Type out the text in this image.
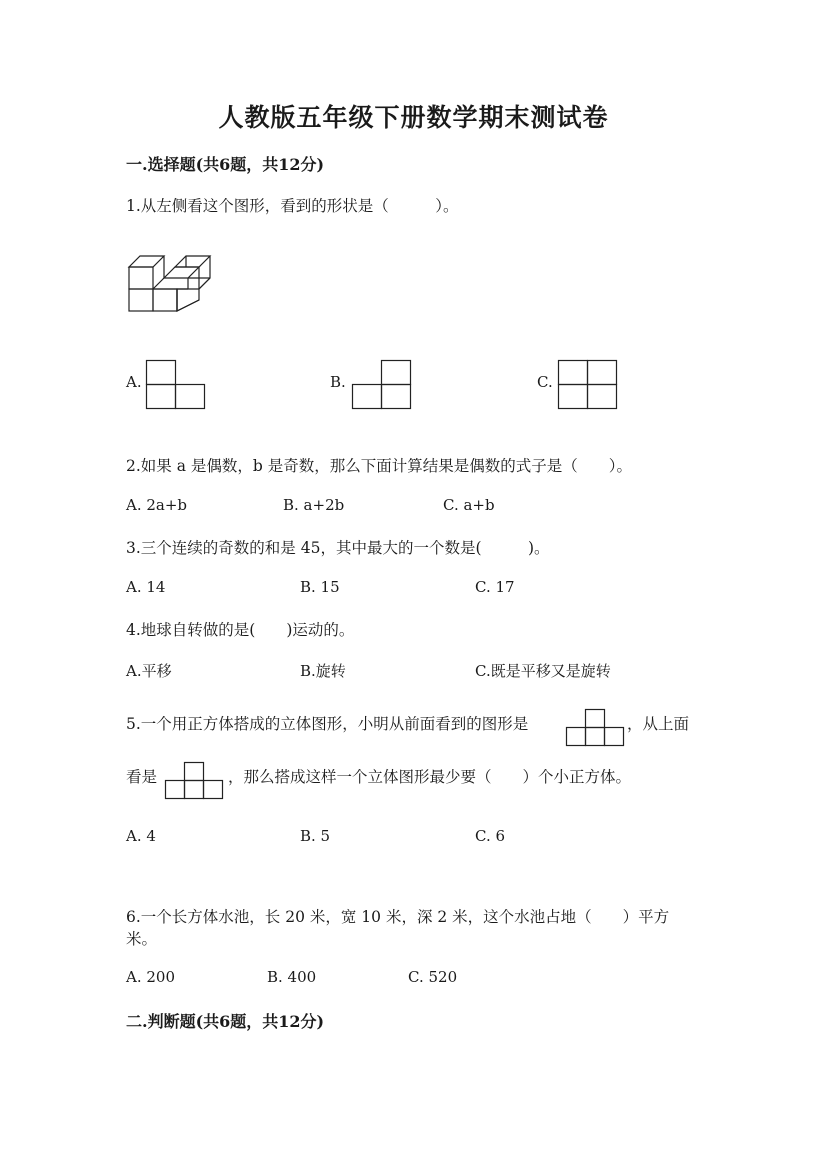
人教版五年级下册数学期末测试卷
一.选择题(共6题，共12分)
1.从左侧看这个图形，看到的形状是（　　　）。
A.	B.	C.
2.如果 a 是偶数，b 是奇数，那么下面计算结果是偶数的式子是（　　）。
A. 2a+b	B. a+2b	C. a+b
3.三个连续的奇数的和是 45，其中最大的一个数是(　　　)。
A. 14	B. 15	C. 17
4.地球自转做的是(　　)运动的。
A.平移	B.旋转	C.既是平移又是旋转
5.一个用正方体搭成的立体图形，小明从前面看到的图形是	，从上面
看是	，那么搭成这样一个立体图形最少要（　　）个小正方体。
A. 4	B. 5	C. 6
6.一个长方体水池，长 20 米，宽 10 米，深 2 米，这个水池占地（　　）平方
米。
A. 200	B. 400	C. 520
二.判断题(共6题，共12分)
